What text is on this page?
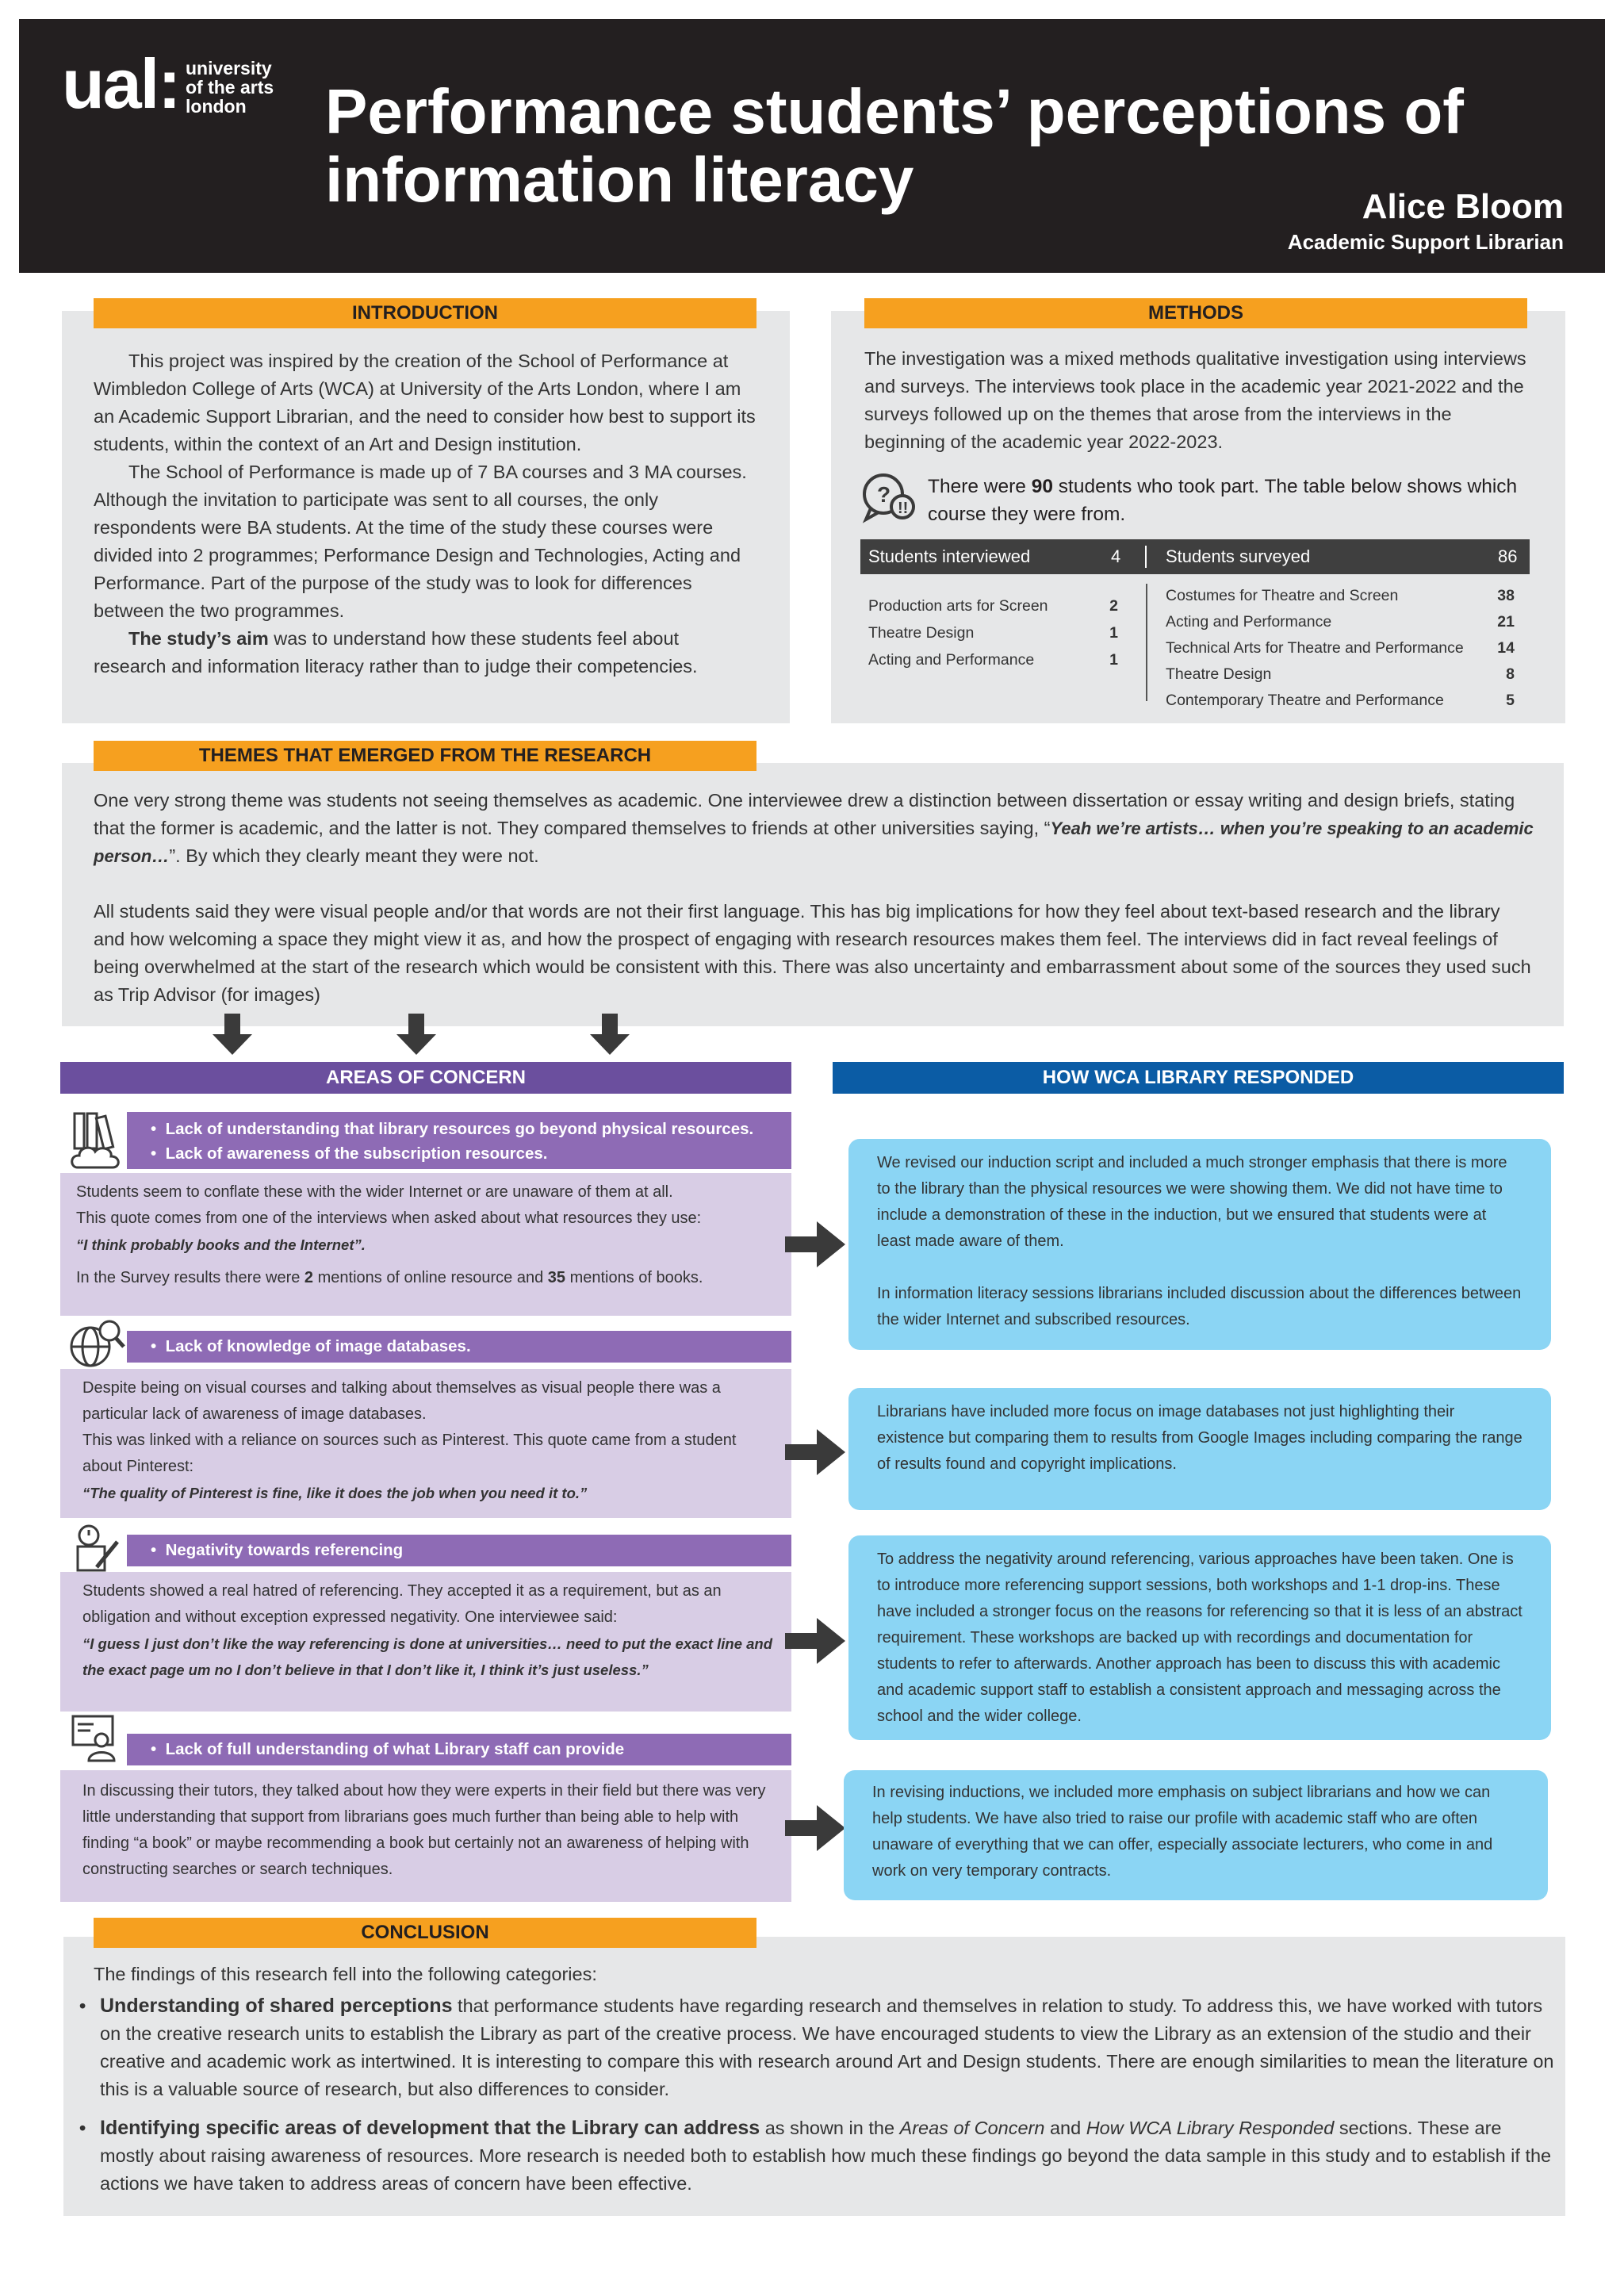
ual: university
of the arts
london	Performance students’ perceptions of
information literacy	Alice Bloom
Academic Support Librarian
INTRODUCTION

This project was inspired by the creation of the School of Performance at Wimbledon College of Arts (WCA) at University of the Arts London, where I am an Academic Support Librarian, and the need to consider how best to support its students, within the context of an Art and Design institution.

The School of Performance is made up of 7 BA courses and 3 MA courses. Although the invitation to participate was sent to all courses, the only respondents were BA students. At the time of the study these courses were divided into 2 programmes; Performance Design and Technologies, Acting and Performance. Part of the purpose of the study was to look for differences between the two programmes.

The study’s aim was to understand how these students feel about research and information literacy rather than to judge their competencies.

METHODS
The investigation was a mixed methods qualitative investigation using interviews and surveys. The interviews took place in the academic year 2021-2022 and the surveys followed up on the themes that arose from the interviews in the beginning of the academic year 2022-2023.
?
!!
There were 90 students who took part. The table below shows which course they were from.
Students interviewed	4	Students surveyed	86
Production arts for Screen	2
Theatre Design	1
Acting and Performance	1
Costumes for Theatre and Screen	38
Acting and Performance	21
Technical Arts for Theatre and Performance	14
Theatre Design	8
Contemporary Theatre and Performance	5
THEMES THAT EMERGED FROM THE RESEARCH

One very strong theme was students not seeing themselves as academic. One interviewee drew a distinction between dissertation or essay writing and design briefs, stating that the former is academic, and the latter is not. They compared themselves to friends at other universities saying, “Yeah we’re artists… when you’re speaking to an academic person…”. By which they clearly meant they were not.

All students said they were visual people and/or that words are not their first language. This has big implications for how they feel about text-based research and the library and how welcoming a space they might view it as, and how the prospect of engaging with research resources makes them feel. The interviews did in fact reveal feelings of being overwhelmed at the start of the research which would be consistent with this. There was also uncertainty and embarrassment about some of the sources they used such as Trip Advisor (for images)

AREAS OF CONCERN	HOW WCA LIBRARY RESPONDED
•  Lack of understanding that library resources go beyond physical resources.
•  Lack of awareness of the subscription resources.

Students seem to conflate these with the wider Internet or are unaware of them at all.

This quote comes from one of the interviews when asked about what resources they use:

“I think probably books and the Internet”.

In the Survey results there were 2 mentions of online resource and 35 mentions of books.

We revised our induction script and included a much stronger emphasis that there is more to the library than the physical resources we were showing them. We did not have time to include a demonstration of these in the induction, but we ensured that students were at least made aware of them.

In information literacy sessions librarians included discussion about the differences between the wider Internet and subscribed resources.

•  Lack of knowledge of image databases.

Despite being on visual courses and talking about themselves as visual people there was a particular lack of awareness of image databases.

This was linked with a reliance on sources such as Pinterest. This quote came from a student about Pinterest:

“The quality of Pinterest is fine, like it does the job when you need it to.”

Librarians have included more focus on image databases not just highlighting their existence but comparing them to results from Google Images including comparing the range of results found and copyright implications.

•  Negativity towards referencing

Students showed a real hatred of referencing. They accepted it as a requirement, but as an obligation and without exception expressed negativity. One interviewee said:

“I guess I just don’t like the way referencing is done at universities… need to put the exact line and the exact page um no I don’t believe in that I don’t like it, I think it’s just useless.”

To address the negativity around referencing, various approaches have been taken. One is to introduce more referencing support sessions, both workshops and 1-1 drop-ins. These have included a stronger focus on the reasons for referencing so that it is less of an abstract requirement. These workshops are backed up with recordings and documentation for students to refer to afterwards. Another approach has been to discuss this with academic and academic support staff to establish a consistent approach and messaging across the school and the wider college.

•  Lack of full understanding of what Library staff can provide

In discussing their tutors, they talked about how they were experts in their field but there was very little understanding that support from librarians goes much further than being able to help with finding “a book” or maybe recommending a book but certainly not an awareness of helping with constructing searches or search techniques.

In revising inductions, we included more emphasis on subject librarians and how we can help students. We have also tried to raise our profile with academic staff who are often unaware of everything that we can offer, especially associate lecturers, who come in and work on very temporary contracts.

CONCLUSION
The findings of this research fell into the following categories:
• Understanding of shared perceptions that performance students have regarding research and themselves in relation to study. To address this, we have worked with tutors on the creative research units to establish the Library as part of the creative process. We have encouraged students to view the Library as an extension of the studio and their creative and academic work as intertwined. It is interesting to compare this with research around Art and Design students. There are enough similarities to mean the literature on this is a valuable source of research, but also differences to consider.
• Identifying specific areas of development that the Library can address as shown in the Areas of Concern and How WCA Library Responded sections. These are mostly about raising awareness of resources. More research is needed both to establish how much these findings go beyond the data sample in this study and to establish if the actions we have taken to address areas of concern have been effective.
